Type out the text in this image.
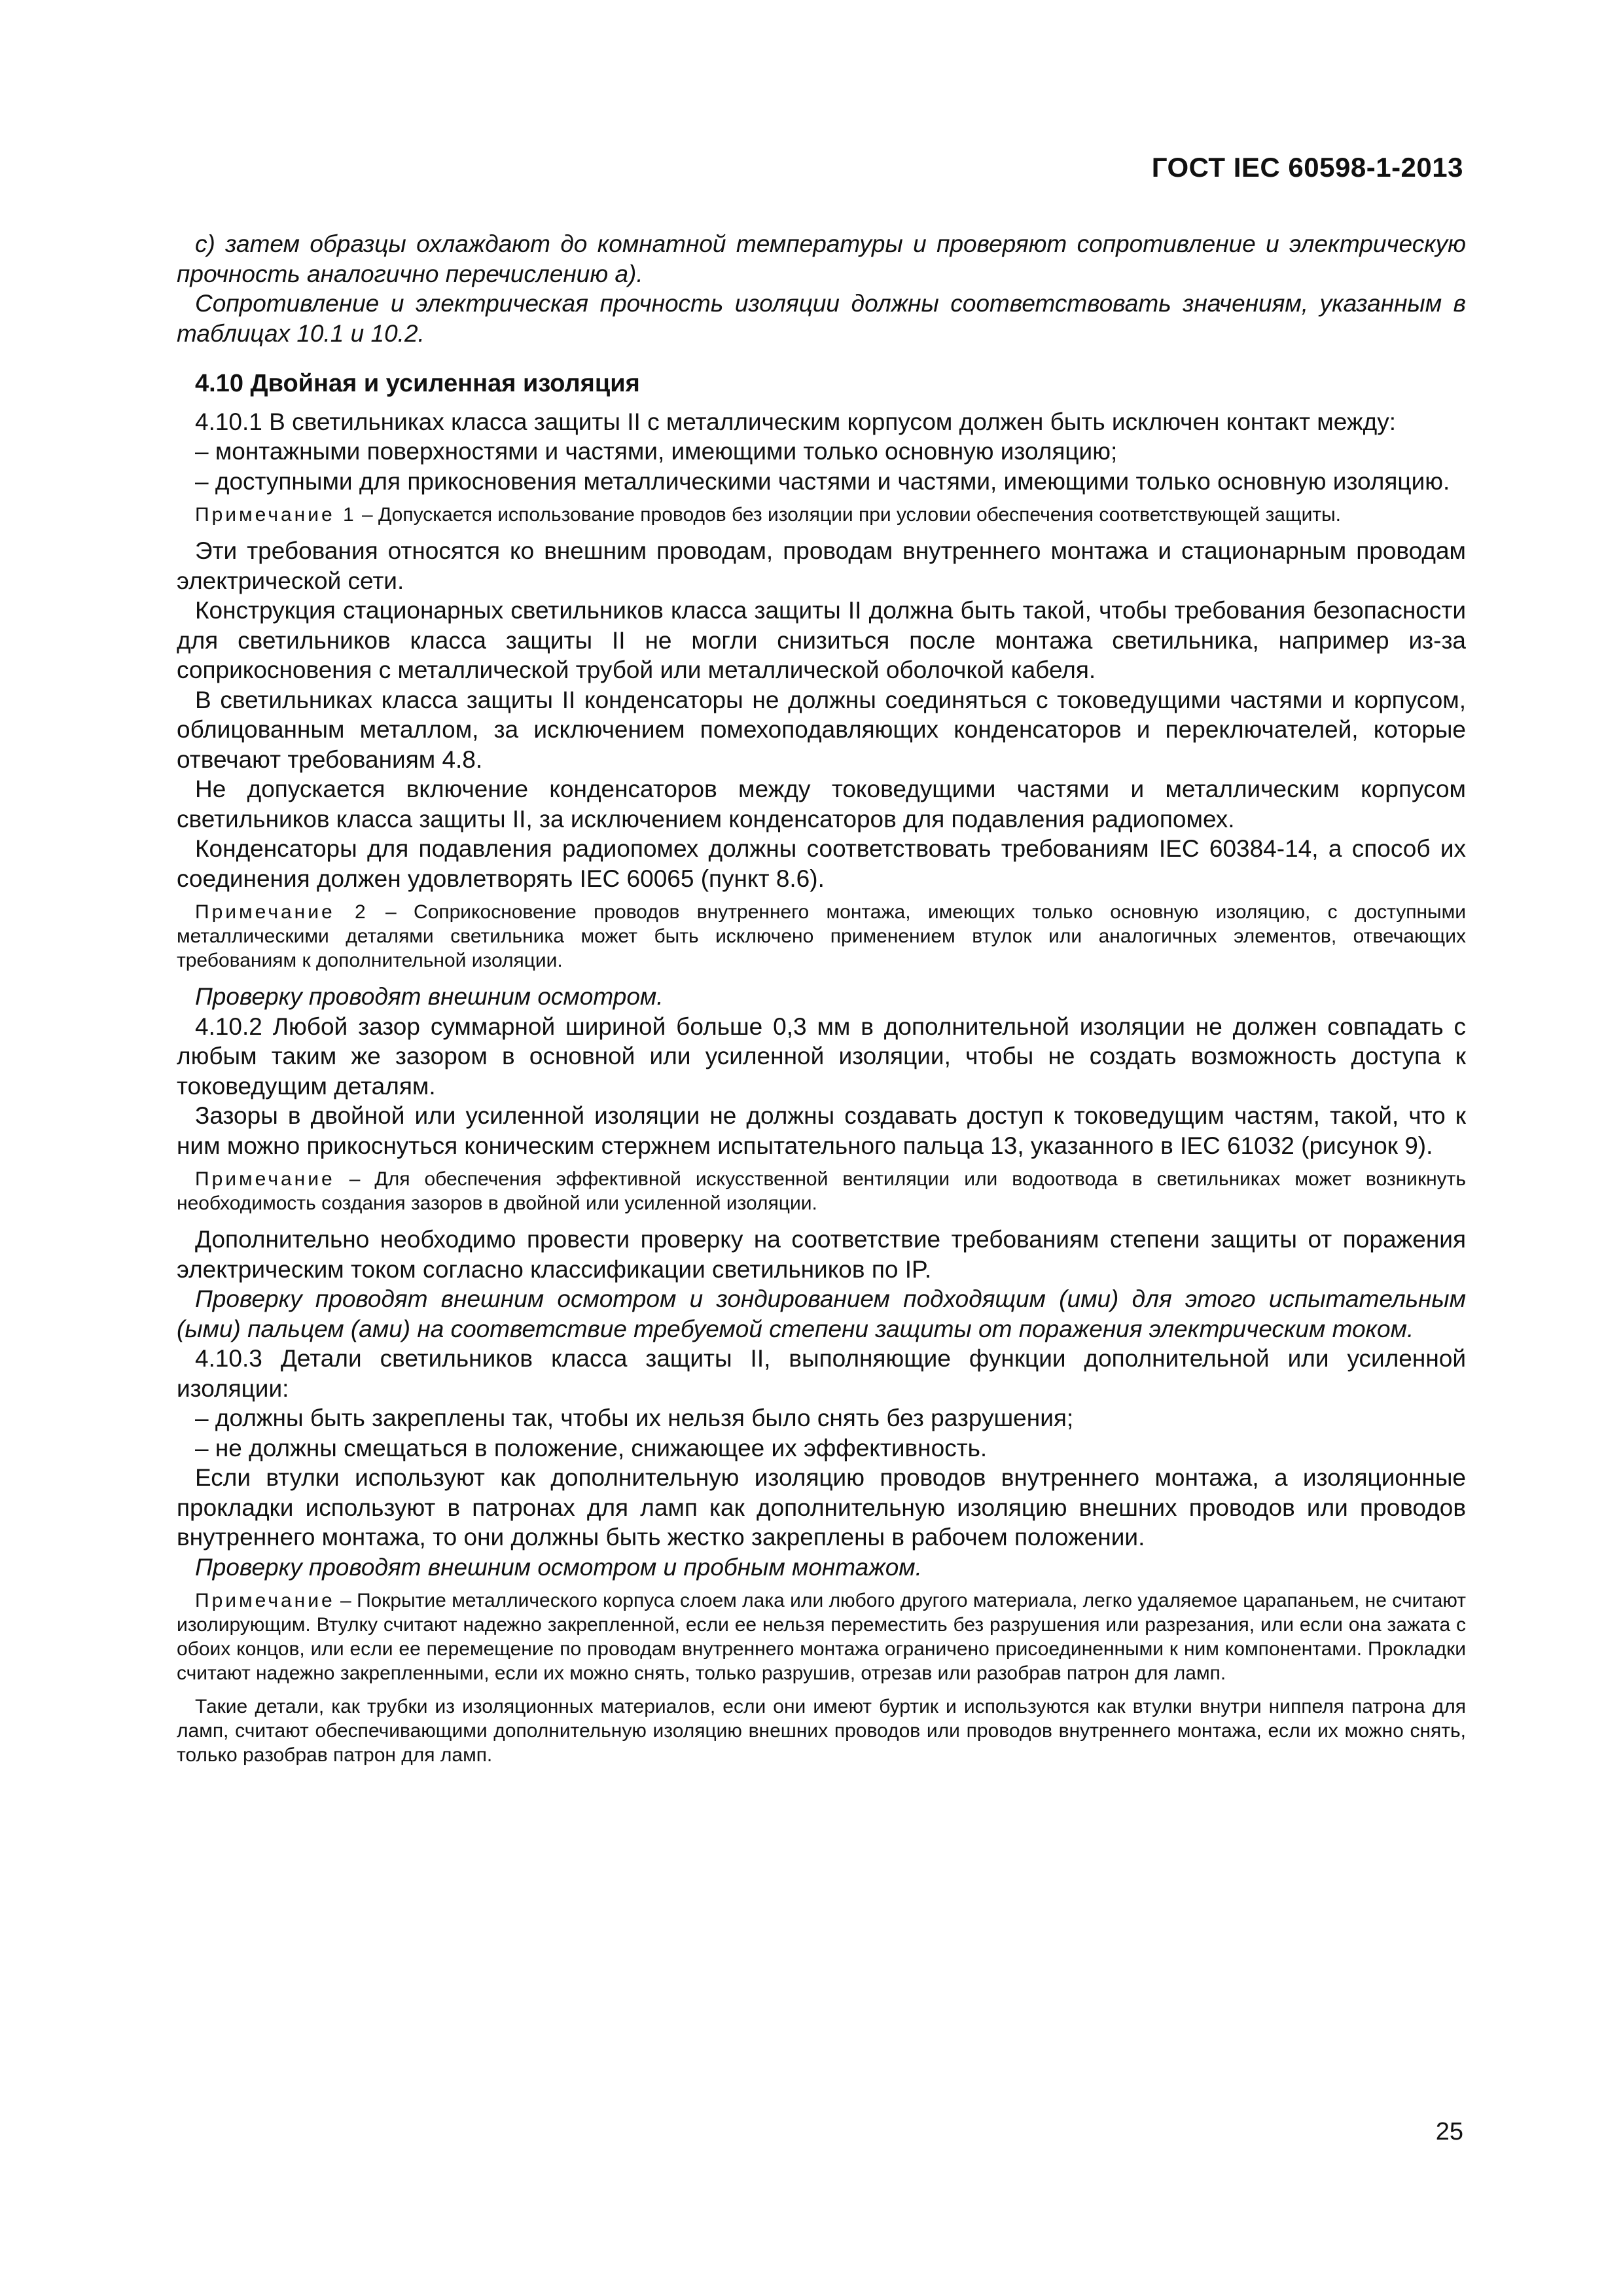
ГОСТ IEC 60598-1-2013

c) затем образцы охлаждают до комнатной температуры и проверяют сопротивление и электрическую прочность аналогично перечислению a).

Сопротивление и электрическая прочность изоляции должны соответствовать значениям, указанным в таблицах 10.1 и 10.2.

4.10 Двойная и усиленная изоляция

4.10.1 В светильниках класса защиты II с металлическим корпусом должен быть исключен контакт между:

– монтажными поверхностями и частями, имеющими только основную изоляцию;

– доступными для прикосновения металлическими частями и частями, имеющими только основную изоляцию.

Примечание 1 – Допускается использование проводов без изоляции при условии обеспечения соответствующей защиты.

Эти требования относятся ко внешним проводам, проводам внутреннего монтажа и стационарным проводам электрической сети.

Конструкция стационарных светильников класса защиты II должна быть такой, чтобы требования безопасности для светильников класса защиты II не могли снизиться после монтажа светильника, например из-за соприкосновения с металлической трубой или металлической оболочкой кабеля.

В светильниках класса защиты II конденсаторы не должны соединяться с токоведущими частями и корпусом, облицованным металлом, за исключением помехоподавляющих конденсаторов и переключателей, которые отвечают требованиям 4.8.

Не допускается включение конденсаторов между токоведущими частями и металлическим корпусом светильников класса защиты II, за исключением конденсаторов для подавления радиопомех.

Конденсаторы для подавления радиопомех должны соответствовать требованиям IEC 60384-14, а способ их соединения должен удовлетворять IEC 60065 (пункт 8.6).

Примечание 2 – Соприкосновение проводов внутреннего монтажа, имеющих только основную изоляцию, с доступными металлическими деталями светильника может быть исключено применением втулок или аналогичных элементов, отвечающих требованиям к дополнительной изоляции.

Проверку проводят внешним осмотром.

4.10.2 Любой зазор суммарной шириной больше 0,3 мм в дополнительной изоляции не должен совпадать с любым таким же зазором в основной или усиленной изоляции, чтобы не создать возможность доступа к токоведущим деталям.

Зазоры в двойной или усиленной изоляции не должны создавать доступ к токоведущим частям, такой, что к ним можно прикоснуться коническим стержнем испытательного пальца 13, указанного в IEC 61032 (рисунок 9).

Примечание – Для обеспечения эффективной искусственной вентиляции или водоотвода в светильниках может возникнуть необходимость создания зазоров в двойной или усиленной изоляции.

Дополнительно необходимо провести проверку на соответствие требованиям степени защиты от поражения электрическим током согласно классификации светильников по IP.

Проверку проводят внешним осмотром и зондированием подходящим (ими) для этого испытательным (ыми) пальцем (ами) на соответствие требуемой степени защиты от поражения электрическим током.

4.10.3 Детали светильников класса защиты II, выполняющие функции дополнительной или усиленной изоляции:

– должны быть закреплены так, чтобы их нельзя было снять без разрушения;

– не должны смещаться в положение, снижающее их эффективность.

Если втулки используют как дополнительную изоляцию проводов внутреннего монтажа, а изоляционные прокладки используют в патронах для ламп как дополнительную изоляцию внешних проводов или проводов внутреннего монтажа, то они должны быть жестко закреплены в рабочем положении.

Проверку проводят внешним осмотром и пробным монтажом.

Примечание – Покрытие металлического корпуса слоем лака или любого другого материала, легко удаляемое царапаньем, не считают изолирующим. Втулку считают надежно закрепленной, если ее нельзя переместить без разрушения или разрезания, или если она зажата с обоих концов, или если ее перемещение по проводам внутреннего монтажа ограничено присоединенными к ним компонентами. Прокладки считают надежно закрепленными, если их можно снять, только разрушив, отрезав или разобрав патрон для ламп.

Такие детали, как трубки из изоляционных материалов, если они имеют буртик и используются как втулки внутри ниппеля патрона для ламп, считают обеспечивающими дополнительную изоляцию внешних проводов или проводов внутреннего монтажа, если их можно снять, только разобрав патрон для ламп.

25
